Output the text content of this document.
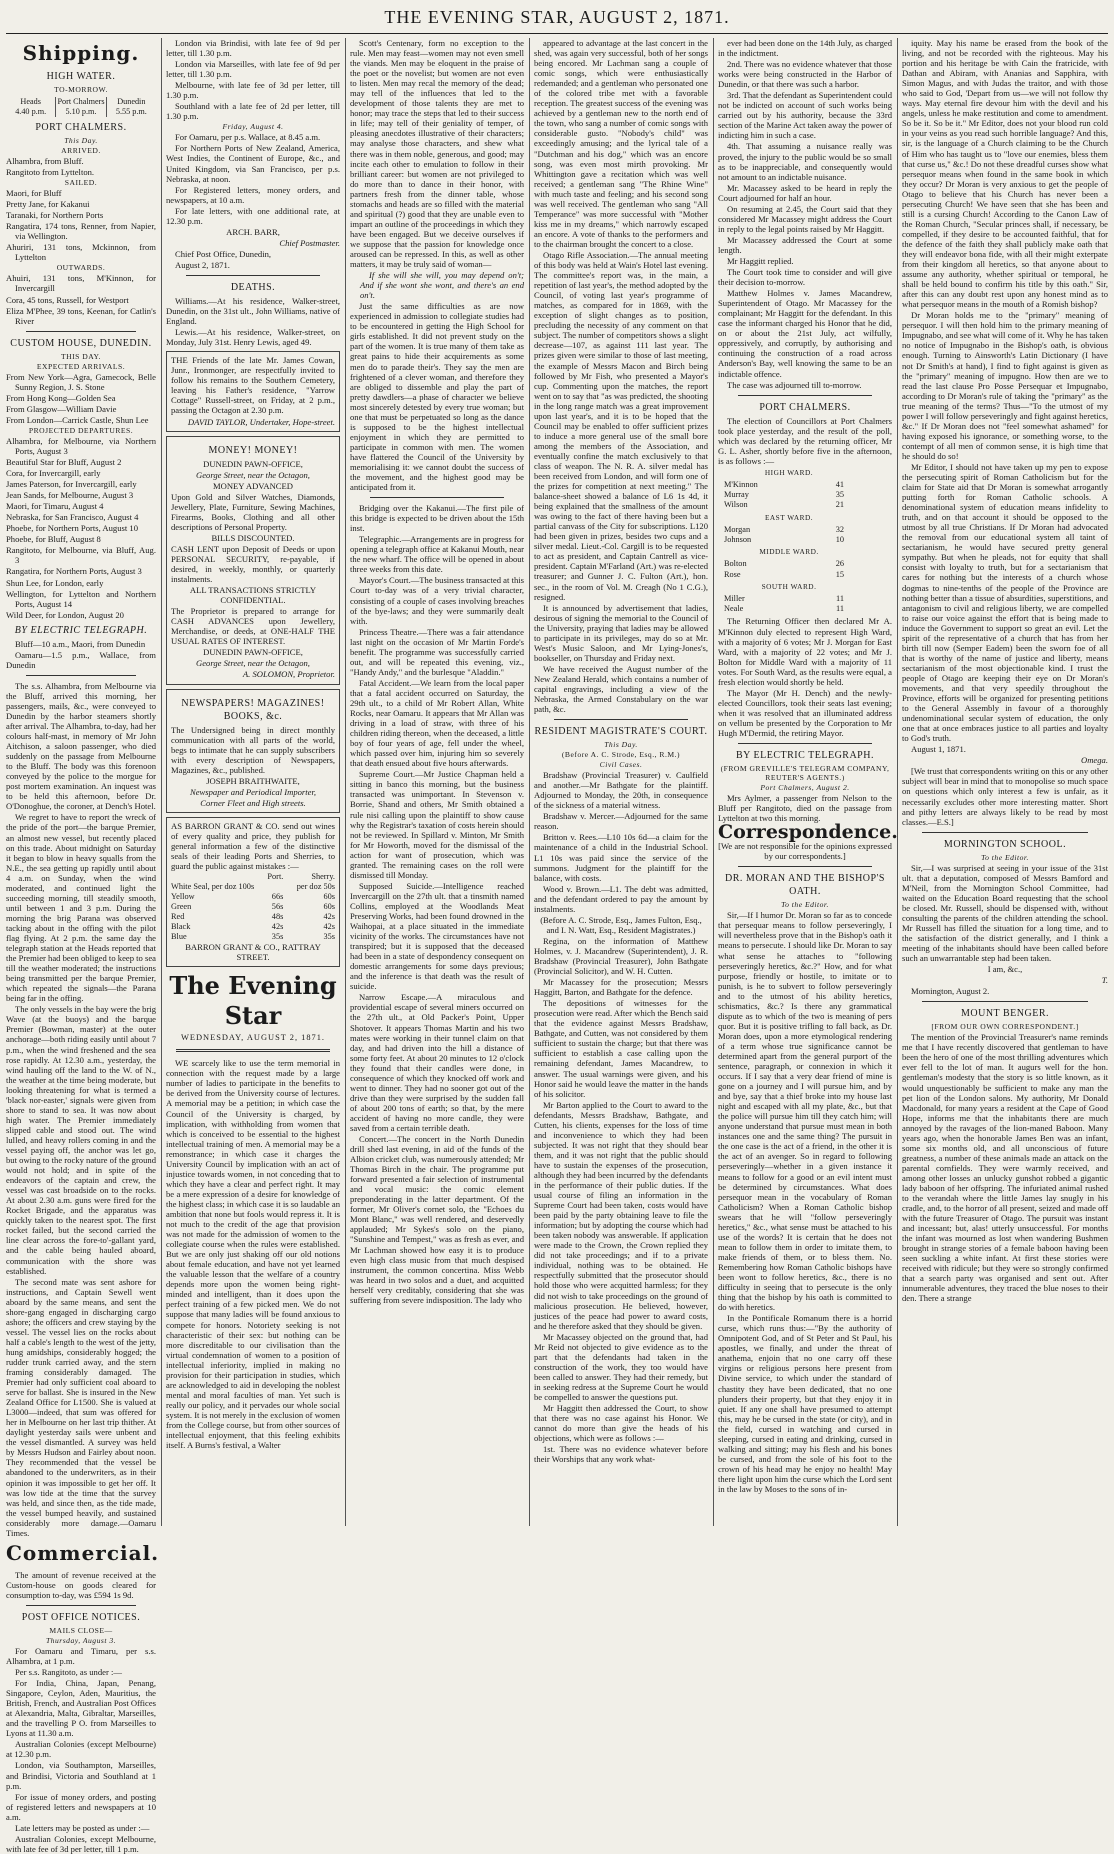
THE EVENING STAR, AUGUST 2, 1871.
Shipping.
HIGH WATER.
TO-MORROW.
Heads
4.40 p.m.
Port Chalmers
5.10 p.m.
Dunedin
5.55 p.m.
PORT CHALMERS.
This Day.
ARRIVED.

Alhambra, from Bluff.

Rangitoto from Lyttelton.

SAILED.

Maori, for Bluff

Pretty Jane, for Kakanui

Taranaki, for Northern Ports

Rangatira, 174 tons, Renner, from Napier, via Wellington.

Ahuriri, 131 tons, Mckinnon, from Lyttelton

OUTWARDS.

Ahuiri, 131 tons, M'Kinnon, for Invercargill

Cora, 45 tons, Russell, for Westport

Eliza M'Phee, 39 tons, Keenan, for Catlin's River

CUSTOM HOUSE, DUNEDIN.
THIS DAY.
EXPECTED ARRIVALS.

From New York—Agra, Gamecock, Belle Sunny Region, J. S. Stone

From Hong Kong—Golden Sea

From Glasgow—William Davie

From London—Carrick Castle, Shun Lee

PROJECTED DEPARTURES.

Alhambra, for Melbourne, via Northern Ports, August 3

Beautiful Star for Bluff, August 2

Cora, for Invercargill, early

James Paterson, for Invercargill, early

Jean Sands, for Melbourne, August 3

Maori, for Timaru, August 4

Nebraska, for San Francisco, August 4

Phoebe, for Northern Ports, August 10

Phoebe, for Bluff, August 8

Rangitoto, for Melbourne, via Bluff, Aug. 3

Rangatira, for Northern Ports, August 3

Shun Lee, for London, early

Wellington, for Lyttelton and Northern Ports, August 14

Wild Deer, for London, August 20

BY ELECTRIC TELEGRAPH.

Bluff—10 a.m., Maori, from Dunedin

Oamaru—1.5 p.m., Wallace, from Dunedin

The s.s. Alhambra, from Melbourne via the Bluff, arrived this morning, her passengers, mails, &c., were conveyed to Dunedin by the harbor steamers shortly after arrival. The Alhambra, to-day, had her colours half-mast, in memory of Mr John Aitchison, a saloon passenger, who died suddenly on the passage from Melbourne to the Bluff. The body was this forenoon conveyed by the police to the morgue for post mortem examination. An inquest was to be held this afternoon, before Dr. O'Donoghue, the coroner, at Dench's Hotel.

We regret to have to report the wreck of the pride of the port—the barque Premier, an almost new vessel, but recently placed on this trade. About midnight on Saturday it began to blow in heavy squalls from the N.E., the sea getting up rapidly until about 4 a.m. on Sunday, when the wind moderated, and continued light the succeeding morning, till steadily smooth, until between 1 and 3 p.m. During the morning the brig Parana was observed tacking about in the offing with the pilot flag flying. At 2 p.m. the same day the telegraph station at the Heads reported that the Premier had been obliged to keep to sea till the weather moderated; the instructions being transmitted per the barque Premier, which repeated the signals—the Parana being far in the offing.

The only vessels in the bay were the brig Wave (at the buoys) and the barque Premier (Bowman, master) at the outer anchorage—both riding easily until about 7 p.m., when the wind freshened and the sea rose rapidly. At 12.30 a.m., yesterday, the wind hauling off the land to the W. of N., the weather at the time being moderate, but looking threatening for what is termed a 'black nor-easter,' signals were given from shore to stand to sea. It was now about high water. The Premier immediately slipped cable and stood out. The wind lulled, and heavy rollers coming in and the vessel paying off, the anchor was let go, but owing to the rocky nature of the ground would not hold; and in spite of the endeavors of the captain and crew, the vessel was cast broadside on to the rocks. At about 2.30 a.m. guns were fired for the Rocket Brigade, and the apparatus was quickly taken to the nearest spot. The first rocket failed, but the second carried the line clear across the fore-to'-gallant yard, and the cable being hauled aboard, communication with the shore was established.

The second mate was sent ashore for instructions, and Captain Sewell went aboard by the same means, and sent the shore-gang engaged in discharging cargo ashore; the officers and crew staying by the vessel. The vessel lies on the rocks about half a cable's length to the west of the jetty, hung amidships, considerably hogged; the rudder trunk carried away, and the stern framing considerably damaged. The Premier had only sufficient coal aboard to serve for ballast. She is insured in the New Zealand Office for L1500. She is valued at L3000—indeed, that sum was offered for her in Melbourne on her last trip thither. At daylight yesterday sails were unbent and the vessel dismantled. A survey was held by Messrs Hudson and Fairley about noon. They recommended that the vessel be abandoned to the underwriters, as in their opinion it was impossible to get her off. It was low tide at the time that the survey was held, and since then, as the tide made, the vessel bumped heavily, and sustained considerably more damage.—Oamaru Times.

Commercial.

The amount of revenue received at the Custom-house on goods cleared for consumption to-day, was £594 1s 9d.

POST OFFICE NOTICES.
MAILS CLOSE—
Thursday, August 3.

For Oamaru and Timaru, per s.s. Alhambra, at 1 p.m.

Per s.s. Rangitoto, as under :—

For India, China, Japan, Penang, Singapore, Ceylon, Aden, Mauritius, the British, French, and Australian Post Offices at Alexandria, Malta, Gibraltar, Marseilles, and the travelling P O. from Marseilles to Lyons at 11.30 a.m.

Australian Colonies (except Melbourne) at 12.30 p.m.

London, via Southampton, Marseilles, and Brindisi, Victoria and Southland at 1 p.m.

For issue of money orders, and posting of registered letters and newspapers at 10 a.m.

Late letters may be posted as under :—

Australian Colonies, except Melbourne, with late fee of 3d per letter, till 1 p.m.

London via Brindisi, with late fee of 9d per letter, till 1.30 p.m.

London via Marseilles, with late fee of 9d per letter, till 1.30 p.m.

Melbourne, with late fee of 3d per letter, till 1.30 p.m.

Southland with a late fee of 2d per letter, till 1.30 p.m.

Friday, August 4.

For Oamaru, per p.s. Wallace, at 8.45 a.m.

For Northern Ports of New Zealand, America, West Indies, the Continent of Europe, &c., and United Kingdom, via San Francisco, per p.s. Nebraska, at noon.

For Registered letters, money orders, and newspapers, at 10 a.m.

For late letters, with one additional rate, at 12.30 p.m.

ARCH. BARR,

Chief Postmaster.

Chief Post Office, Dunedin,

August 2, 1871.

DEATHS.

Williams.—At his residence, Walker-street, Dunedin, on the 31st ult., John Williams, native of England.

Lewis.—At his residence, Walker-street, on Monday, July 31st. Henry Lewis, aged 49.

THE Friends of the late Mr. James Cowan, Junr., Ironmonger, are respectfully invited to follow his remains to the Southern Cemetery, leaving his Father's residence, "Yarrow Cottage" Russell-street, on Friday, at 2 p.m., passing the Octagon at 2.30 p.m.

DAVID TAYLOR, Undertaker, Hope-street.

MONEY! MONEY!

DUNEDIN PAWN-OFFICE,

George Street, near the Octagon,

MONEY ADVANCED

Upon Gold and Silver Watches, Diamonds, Jewellery, Plate, Furniture, Sewing Machines, Firearms, Books, Clothing and all other descriptions of Personal Property.

BILLS DISCOUNTED.

CASH LENT upon Deposit of Deeds or upon PERSONAL SECURITY, re-payable, if desired, in weekly, monthly, or quarterly instalments.

ALL TRANSACTIONS STRICTLY CONFIDENTIAL.

The Proprietor is prepared to arrange for CASH ADVANCES upon Jewellery, Merchandise, or deeds, at ONE-HALF THE USUAL RATES OF INTEREST.

DUNEDIN PAWN-OFFICE,

George Street, near the Octagon,

A. SOLOMON, Proprietor.

NEWSPAPERS! MAGAZINES! BOOKS, &c.

The Undersigned being in direct monthly communication with all parts of the world, begs to intimate that he can supply subscribers with every description of Newspapers, Magazines, &c., published.

JOSEPH BRAITHWAITE,

Newspaper and Periodical Importer,

Corner Fleet and High streets.

AS BARRON GRANT & CO. send out wines of every quality and price, they publish for general information a few of the distinctive seals of their leading Ports and Sherries, to guard the public against mistakes :—

	Port.		Sherry.
White Seal, per doz 100s		per doz 50s
Yellow	66s		60s
Green	56s		60s
Red	48s		42s
Black	42s		42s
Blue	35s		35s

BARRON GRANT & CO., RATTRAY STREET.

The Evening Star
WEDNESDAY, AUGUST 2, 1871.

WE scarcely like to use the term memorial in connection with the request made by a large number of ladies to participate in the benefits to be derived from the University course of lectures. A memorial may be a petition; in which case the Council of the University is charged, by implication, with withholding from women that which is conceived to be essential to the highest intellectual training of men. A memorial may be a remonstrance; in which case it charges the University Council by implication with an act of injustice towards women, in not conceding that to which they have a clear and perfect right. It may be a mere expression of a desire for knowledge of the highest class; in which case it is so laudable an ambition that none but fools would repress it. It is not much to the credit of the age that provision was not made for the admission of women to the collegiate course when the rules were established. But we are only just shaking off our old notions about female education, and have not yet learned the valuable lesson that the welfare of a country depends more upon the women being right-minded and intelligent, than it does upon the perfect training of a few picked men. We do not suppose that many ladies will be found anxious to compete for honors. Notoriety seeking is not characteristic of their sex: but nothing can be more discreditable to our civilisation than the virtual condemnation of women to a position of intellectual inferiority, implied in making no provision for their participation in studies, which are acknowledged to aid in developing the noblest mental and moral faculties of man. Yet such is really our policy, and it pervades our whole social system. It is not merely in the exclusion of women from the College course, but from other sources of intellectual enjoyment, that this feeling exhibits itself. A Burns's festival, a Walter

Scott's Centenary, form no exception to the rule. Men may feast—women may not even smell the viands. Men may be eloquent in the praise of the poet or the novelist; but women are not even to listen. Men may recal the memory of the dead; may tell of the influences that led to the development of those talents they are met to honor; may trace the steps that led to their success in life; may tell of their geniality of temper, of pleasing anecdotes illustrative of their characters; may analyse those characters, and shew what there was in them noble, generous, and good; may incite each other to emulation to follow in their brilliant career: but women are not privileged to do more than to dance in their honor, with partners fresh from the dinner table, whose stomachs and heads are so filled with the material and spiritual (?) good that they are unable even to impart an outline of the proceedings in which they have been engaged. But we deceive ourselves if we suppose that the passion for knowledge once aroused can be repressed. In this, as well as other matters, it may be truly said of woman—

If she will she will, you may depend on't; And if she wont she wont, and there's an end on't.

Just the same difficulties as are now experienced in admission to collegiate studies had to be encountered in getting the High School for girls established. It did not prevent study on the part of the women. It is true many of them take as great pains to hide their acquirements as some men do to parade their's. They say the men are frightened of a clever woman, and therefore they are obliged to dissemble and play the part of pretty dawdlers—a phase of character we believe most sincerely detested by every true woman; but one that must be perpetuated so long as the dance is supposed to be the highest intellectual enjoyment in which they are permitted to participate in common with men. The women have flattered the Council of the University by memorialising it: we cannot doubt the success of the movement, and the highest good may be anticipated from it.

Bridging over the Kakanui.—The first pile of this bridge is expected to be driven about the 15th inst.

Telegraphic.—Arrangements are in progress for opening a telegraph office at Kakanui Mouth, near the new wharf. The office will be opened in about three weeks from this date.

Mayor's Court.—The business transacted at this Court to-day was of a very trivial character, consisting of a couple of cases involving breaches of the bye-laws; and they were summarily dealt with.

Princess Theatre.—There was a fair attendance last night on the occasion of Mr Martin Forde's benefit. The programme was successfully carried out, and will be repeated this evening, viz., "Handy Andy," and the burlesque "Aladdin."

Fatal Accident.—We learn from the local paper that a fatal accident occurred on Saturday, the 29th ult., to a child of Mr Robert Allan, White Rocks, near Oamaru. It appears that Mr Allan was driving in a load of straw, with three of his children riding thereon, when the deceased, a little boy of four years of age, fell under the wheel, which passed over him, injuring him so severely that death ensued about five hours afterwards.

Supreme Court.—Mr Justice Chapman held a sitting in banco this morning, but the business transacted was unimportant. In Stevenson v. Borrie, Shand and others, Mr Smith obtained a rule nisi calling upon the plaintiff to show cause why the Registrar's taxation of costs herein should not be reviewed. In Spillard v. Minton, Mr Smith for Mr Howorth, moved for the dismissal of the action for want of prosecution, which was granted. The remaining cases on the roll were dismissed till Monday.

Supposed Suicide.—Intelligence reached Invercargill on the 27th ult. that a tinsmith named Collins, employed at the Woodlands Meat Preserving Works, had been found drowned in the Waihopai, at a place situated in the immediate vicinity of the works. The circumstances have not transpired; but it is supposed that the deceased had been in a state of despondency consequent on domestic arrangements for some days previous; and the inference is that death was the result of suicide.

Narrow Escape.—A miraculous and providential escape of several miners occurred on the 27th ult., at Old Packer's Point, Upper Shotover. It appears Thomas Martin and his two mates were working in their tunnel claim on that day, and had driven into the hill a distance of some forty feet. At about 20 minutes to 12 o'clock they found that their candles were done, in consequence of which they knocked off work and went to dinner. They had no sooner got out of the drive than they were surprised by the sudden fall of about 200 tons of earth; so that, by the mere accident of having no more candle, they were saved from a certain terrible death.

Concert.—The concert in the North Dunedin drill shed last evening, in aid of the funds of the Albion cricket club, was numerously attended; Mr Thomas Birch in the chair. The programme put forward presented a fair selection of instrumental and vocal music: the comic element preponderating in the latter department. Of the former, Mr Oliver's cornet solo, the "Echoes du Mont Blanc," was well rendered, and deservedly applauded; Mr Sykes's solo on the piano, "Sunshine and Tempest," was as fresh as ever, and Mr Lachman showed how easy it is to produce even high class music from that much despised instrument, the common concertina. Miss Webb was heard in two solos and a duet, and acquitted herself very creditably, considering that she was suffering from severe indisposition. The lady who

appeared to advantage at the last concert in the shed, was again very successful, both of her songs being encored. Mr Lachman sang a couple of comic songs, which were enthusiastically redemanded; and a gentleman who personated one of the colored tribe met with a favorable reception. The greatest success of the evening was achieved by a gentleman new to the north end of the town, who sang a number of comic songs with considerable gusto. "Nobody's child" was exceedingly amusing; and the lyrical tale of a "Dutchman and his dog," which was an encore song, was even most mirth provoking. Mr Whittington gave a recitation which was well received; a gentleman sang "The Rhine Wine" with much taste and feeling; and his second song was well received. The gentleman who sang "All Temperance" was more successful with "Mother kiss me in my dreams," which narrowly escaped an encore. A vote of thanks to the performers and to the chairman brought the concert to a close.

Otago Rifle Association.—The annual meeting of this body was held at Wain's Hotel last evening. The committee's report was, in the main, a repetition of last year's, the method adopted by the Council, of voting last year's programme of matches, as compared for in 1869, with the exception of slight changes as to position, precluding the necessity of any comment on that subject. The number of competitors shows a slight decrease—107, as against 111 last year. The prizes given were similar to those of last meeting, the example of Messrs Macon and Birch being followed by Mr Fish, who presented a Mayor's cup. Commenting upon the matches, the report went on to say that "as was predicted, the shooting in the long range match was a great improvement upon last year's, and it is to be hoped that the Council may be enabled to offer sufficient prizes to induce a more general use of the small bore among the members of the Association, and eventually confine the match exclusively to that class of weapon. The N. R. A. silver medal has been received from London, and will form one of the prizes for competition at next meeting." The balance-sheet showed a balance of L6 1s 4d, it being explained that the smallness of the amount was owing to the fact of there having been but a partial canvass of the City for subscriptions. L120 had been given in prizes, besides two cups and a silver medal. Lieut.-Col. Cargill is to be requested to act as president, and Captain Cantrell as vice-president. Captain M'Farland (Art.) was re-elected treasurer; and Gunner J. C. Fulton (Art.), hon. sec., in the room of Vol. M. Creagh (No 1 C.G.), resigned.

It is announced by advertisement that ladies, desirous of signing the memorial to the Council of the University, praying that ladies may be allowed to participate in its privileges, may do so at Mr. West's Music Saloon, and Mr Lying-Jones's, bookseller, on Thursday and Friday next.

We have received the August number of the New Zealand Herald, which contains a number of capital engravings, including a view of the Nebraska, the Armed Constabulary on the war path, &c.

RESIDENT MAGISTRATE'S COURT.
This Day.
(Before A. C. Strode, Esq., R.M.)
Civil Cases.

Bradshaw (Provincial Treasurer) v. Caulfield and another.—Mr Bathgate for the plaintiff. Adjourned to Monday, the 20th, in consequence of the sickness of a material witness.

Bradshaw v. Mercer.—Adjourned for the same reason.

Britton v. Rees.—L10 10s 6d—a claim for the maintenance of a child in the Industrial School. L1 10s was paid since the service of the summons. Judgment for the plaintiff for the balance, with costs.

Wood v. Brown.—L1. The debt was admitted, and the defendant ordered to pay the amount by instalments.

(Before A. C. Strode, Esq., James Fulton, Esq., and I. N. Watt, Esq., Resident Magistrates.)

Regina, on the information of Matthew Holmes, v. J. Macandrew (Superintendent), J. R. Bradshaw (Provincial Treasurer), John Bathgate (Provincial Solicitor), and W. H. Cutten.

Mr Macassey for the prosecution; Messrs Haggitt, Barton, and Bathgate for the defence.

The depositions of witnesses for the prosecution were read. After which the Bench said that the evidence against Messrs Bradshaw, Bathgate, and Cutten, was not considered by them sufficient to sustain the charge; but that there was sufficient to establish a case calling upon the remaining defendant, James Macandrew, to answer. The usual warnings were given, and his Honor said he would leave the matter in the hands of his solicitor.

Mr Barton applied to the Court to award to the defendants, Messrs Bradshaw, Bathgate, and Cutten, his clients, expenses for the loss of time and inconvenience to which they had been subjected. It was not right that they should bear them, and it was not right that the public should have to sustain the expenses of the prosecution, although they had been incurred by the defendants in the performance of their public duties. If the usual course of filing an information in the Supreme Court had been taken, costs would have been paid by the party obtaining leave to file the information; but by adopting the course which had been taken nobody was answerable. If application were made to the Crown, the Crown replied they did not take proceedings; and if to a private individual, nothing was to be obtained. He respectfully submitted that the prosecutor should hold those who were acquitted harmless; for they did not wish to take proceedings on the ground of malicious prosecution. He believed, however, justices of the peace had power to award costs, and he therefore asked that they should be given.

Mr Macassey objected on the ground that, had Mr Reid not objected to give evidence as to the part that the defendants had taken in the construction of the work, they too would have been called to answer. They had their remedy, but in seeking redress at the Supreme Court he would be compelled to answer the questions put.

Mr Haggitt then addressed the Court, to show that there was no case against his Honor. We cannot do more than give the heads of his objections, which were as follows :—

1st. There was no evidence whatever before their Worships that any work what-

ever had been done on the 14th July, as charged in the indictment.

2nd. There was no evidence whatever that those works were being constructed in the Harbor of Dunedin, or that there was such a harbor.

3rd. That the defendant as Superintendent could not be indicted on account of such works being carried out by his authority, because the 33rd section of the Marine Act taken away the power of indicting him in such a case.

4th. That assuming a nuisance really was proved, the injury to the public would be so small as to be inappreciable, and consequently would not amount to an indictable nuisance.

Mr. Macassey asked to be heard in reply the Court adjourned for half an hour.

On resuming at 2.45, the Court said that they considered Mr Macassey might address the Court in reply to the legal points raised by Mr Haggitt.

Mr Macassey addressed the Court at some length.

Mr Haggitt replied.

The Court took time to consider and will give their decision to-morrow.

Matthew Holmes v. James Macandrew, Superintendent of Otago. Mr Macassey for the complainant; Mr Haggitt for the defendant. In this case the informant charged his Honor that he did, on or about the 21st July, act wilfully, oppressively, and corruptly, by authorising and continuing the construction of a road across Anderson's Bay, well knowing the same to be an indictable offence.

The case was adjourned till to-morrow.

PORT CHALMERS.

The election of Councillors at Port Chalmers took place yesterday, and the result of the poll, which was declared by the returning officer, Mr G. L. Asher, shortly before five in the afternoon, is as follows :—

HIGH WARD.
M'Kinnon	41
Murray	35
Wilson	21
EAST WARD.
Morgan	32
Johnson	10
MIDDLE WARD.
Bolton	26
Rose	15
SOUTH WARD.
Miller	11
Neale	11

The Returning Officer then declared Mr A. M'Kinnon duly elected to represent High Ward, with a majority of 6 votes; Mr J. Morgan for East Ward, with a majority of 22 votes; and Mr J. Bolton for Middle Ward with a majority of 11 votes. For South Ward, as the results were equal, a fresh election would shortly be held.

The Mayor (Mr H. Dench) and the newly-elected Councillors, took their seats last evening; when it was resolved that an illuminated address on vellum be presented by the Corporation to Mr Hugh M'Dermid, the retiring Mayor.

BY ELECTRIC TELEGRAPH.
(FROM GREVILLE'S TELEGRAM COMPANY, REUTER'S AGENTS.)
Port Chalmers, August 2.

Mrs Aylmer, a passenger from Nelson to the Bluff per Rangitoto, died on the passage from Lyttelton at two this morning.

Correspondence.

[We are not responsible for the opinions expressed by our correspondents.]

DR. MORAN AND THE BISHOP'S OATH.
To the Editor.

Sir,—If I humor Dr. Moran so far as to concede that persequar means to follow perseveringly, I will nevertheless prove that in the Bishop's oath it means to persecute. I should like Dr. Moran to say what sense he attaches to "following perseveringly heretics, &c.?" How, and for what purpose, friendly or hostile, to imitate or to punish, is he to subvert to follow perseveringly and to the utmost of his ability heretics, schismatics, &c.? Is there any grammatical dispute as to which of the two is meaning of pers quor. But it is positive trifling to fall back, as Dr. Moran does, upon a more etymological rendering of a term whose true significance cannot be determined apart from the general purport of the sentence, paragraph, or connexion in which it occurs. If I say that a very dear friend of mine is gone on a journey and I will pursue him, and by and bye, say that a thief broke into my house last night and escaped with all my plate, &c., but that the police will pursue him till they catch him; will anyone understand that pursue must mean in both instances one and the same thing? The pursuit in the one case is the act of a friend, in the other it is the act of an avenger. So in regard to following perseveringly—whether in a given instance it means to follow for a good or an evil intent must be determined by circumstances. What does persequor mean in the vocabulary of Roman Catholicism? When a Roman Catholic bishop swears that he will "follow perseveringly heretics," &c., what sense must be attached to his use of the words? It is certain that he does not mean to follow them in order to imitate them, to make friends of them, or to bless them. No. Remembering how Roman Catholic bishops have been wont to follow heretics, &c., there is no difficulty in seeing that to persecute is the only thing that the bishop by his oath is committed to do with heretics.

In the Pontificale Romanum there is a horrid curse, which runs thus:—"By the authority of Omnipotent God, and of St Peter and St Paul, his apostles, we finally, and under the threat of anathema, enjoin that no one carry off these virgins or religious persons here present from Divine service, to which under the standard of chastity they have been dedicated, that no one plunders their property, but that they enjoy it in quiet. If any one shall have presumed to attempt this, may he be cursed in the state (or city), and in the field, cursed in watching and cursed in sleeping, cursed in eating and drinking, cursed in walking and sitting; may his flesh and his bones be cursed, and from the sole of his foot to the crown of his head may he enjoy no health! May there light upon him the curse which the Lord sent in the law by Moses to the sons of in-

iquity. May his name be erased from the book of the living, and not be recorded with the righteous. May his portion and his heritage be with Cain the fratricide, with Dathan and Abiram, with Ananias and Sapphira, with Simon Magus, and with Judas the traitor, and with those who said to God, 'Depart from us—we will not follow thy ways. May eternal fire devour him with the devil and his angels, unless he make restitution and come to amendment. So be it. So be it." Mr Editor, does not your blood run cold in your veins as you read such horrible language? And this, sir, is the language of a Church claiming to be the Church of Him who has taught us to "love our enemies, bless them that curse us," &c.! Do not these dreadful curses show what persequor means when found in the same book in which they occur? Dr Moran is very anxious to get the people of Otago to believe that his Church has never been a persecuting Church! We have seen that she has been and still is a cursing Church! According to the Canon Law of the Roman Church, "Secular princes shall, if necessary, be compelled, if they desire to be accounted faithful, that for the defence of the faith they shall publicly make oath that they will endeavor bona fide, with all their might exterpate from their kingdom all heretics, so that anyone about to assume any authority, whether spiritual or temporal, he shall be held bound to confirm his title by this oath." Sir, after this can any doubt rest upon any honest mind as to what persequor means in the mouth of a Romish bishop?

Dr Moran holds me to the "primary" meaning of persequor. I will then hold him to the primary meaning of Impugnabo, and see what will come of it. Why he has taken no notice of Impugnabo in the Bishop's oath, is obvious enough. Turning to Ainsworth's Latin Dictionary (I have not Dr Smith's at hand), I find to fight against is given as the "primary" meaning of impugno. How then are we to read the last clause Pro Posse Persequar et Impugnabo, according to Dr Moran's rule of taking the "primary" as the true meaning of the terms? Thus—"To the utmost of my power I will follow perseveringly and fight against heretics, &c." If Dr Moran does not "feel somewhat ashamed" for having exposed his ignorance, or something worse, to the contempt of all men of common sense, it is high time that he should do so!

Mr Editor, I should not have taken up my pen to expose the persecuting spirit of Roman Catholicism but for the claim for State aid that Dr Moran is somewhat arrogantly putting forth for Roman Catholic schools. A denominational system of education means infidelity to truth, and on that account it should be opposed to the utmost by all true Christians. If Dr Moran had advocated the removal from our educational system all taint of sectarianism, he would have secured pretty general sympathy. But when he pleads, not for equity that shall consist with loyalty to truth, but for a sectarianism that cares for nothing but the interests of a church whose dogmas to nine-tenths of the people of the Province are nothing better than a tissue of absurdities, superstitions, and antagonism to civil and religious liberty, we are compelled to raise our voice against the effort that is being made to induce the Government to support so great an evil. Let the spirit of the representative of a church that has from her birth till now (Semper Eadem) been the sworn foe of all that is worthy of the name of justice and liberty, means sectarianism of the most objectionable kind. I trust the people of Otago are keeping their eye on Dr Moran's movements, and that very speedily throughout the Province, efforts will be organized for presenting petitions to the General Assembly in favour of a thoroughly undenominational secular system of education, the only one that at once embraces justice to all parties and loyalty to God's truth.

August 1, 1871.

Omega.

[We trust that correspondents writing on this or any other subject will bear in mind that to monopolise so much space on questions which only interest a few is unfair, as it necessarily excludes other more interesting matter. Short and pithy letters are always likely to be read by most classes.—E.S.]

MORNINGTON SCHOOL.
To the Editor.

Sir,—I was surprised at seeing in your issue of the 31st ult. that a deputation, composed of Messrs Bamford and M'Neil, from the Mornington School Committee, had waited on the Education Board requesting that the school be closed. Mr. Russell, should be dispensed with, without consulting the parents of the children attending the school. Mr Russell has filled the situation for a long time, and to the satisfaction of the district generally, and I think a meeting of the inhabitants should have been called before such an unwarrantable step had been taken.

I am, &c.,

T.

Mornington, August 2.

MOUNT BENGER.
[FROM OUR OWN CORRESPONDENT.]

The mention of the Provincial Treasurer's name reminds me that I have recently discovered that gentleman to have been the hero of one of the most thrilling adventures which ever fell to the lot of man. It augurs well for the hon. gentleman's modesty that the story is so little known, as it would unquestionably be sufficient to make any man the pet lion of the London salons. My authority, Mr Donald Macdonald, for many years a resident at the Cape of Good Hope, informs me that the inhabitants there are much annoyed by the ravages of the lion-maned Baboon. Many years ago, when the honorable James Ben was an infant, some six months old, and all unconscious of future greatness, a number of these animals made an attack on the parental cornfields. They were warmly received, and among other losses an unlucky gunshot robbed a gigantic lady baboon of her offspring. The infuriated animal rushed to the verandah where the little James lay snugly in his cradle, and, to the horror of all present, seized and made off with the future Treasurer of Otago. The pursuit was instant and incessant; but, alas! utterly unsuccessful. For months the infant was mourned as lost when wandering Bushmen brought in strange stories of a female baboon having been seen suckling a white infant. At first these stories were received with ridicule; but they were so strongly confirmed that a search party was organised and sent out. After innumerable adventures, they traced the blue noses to their den. There a strange
